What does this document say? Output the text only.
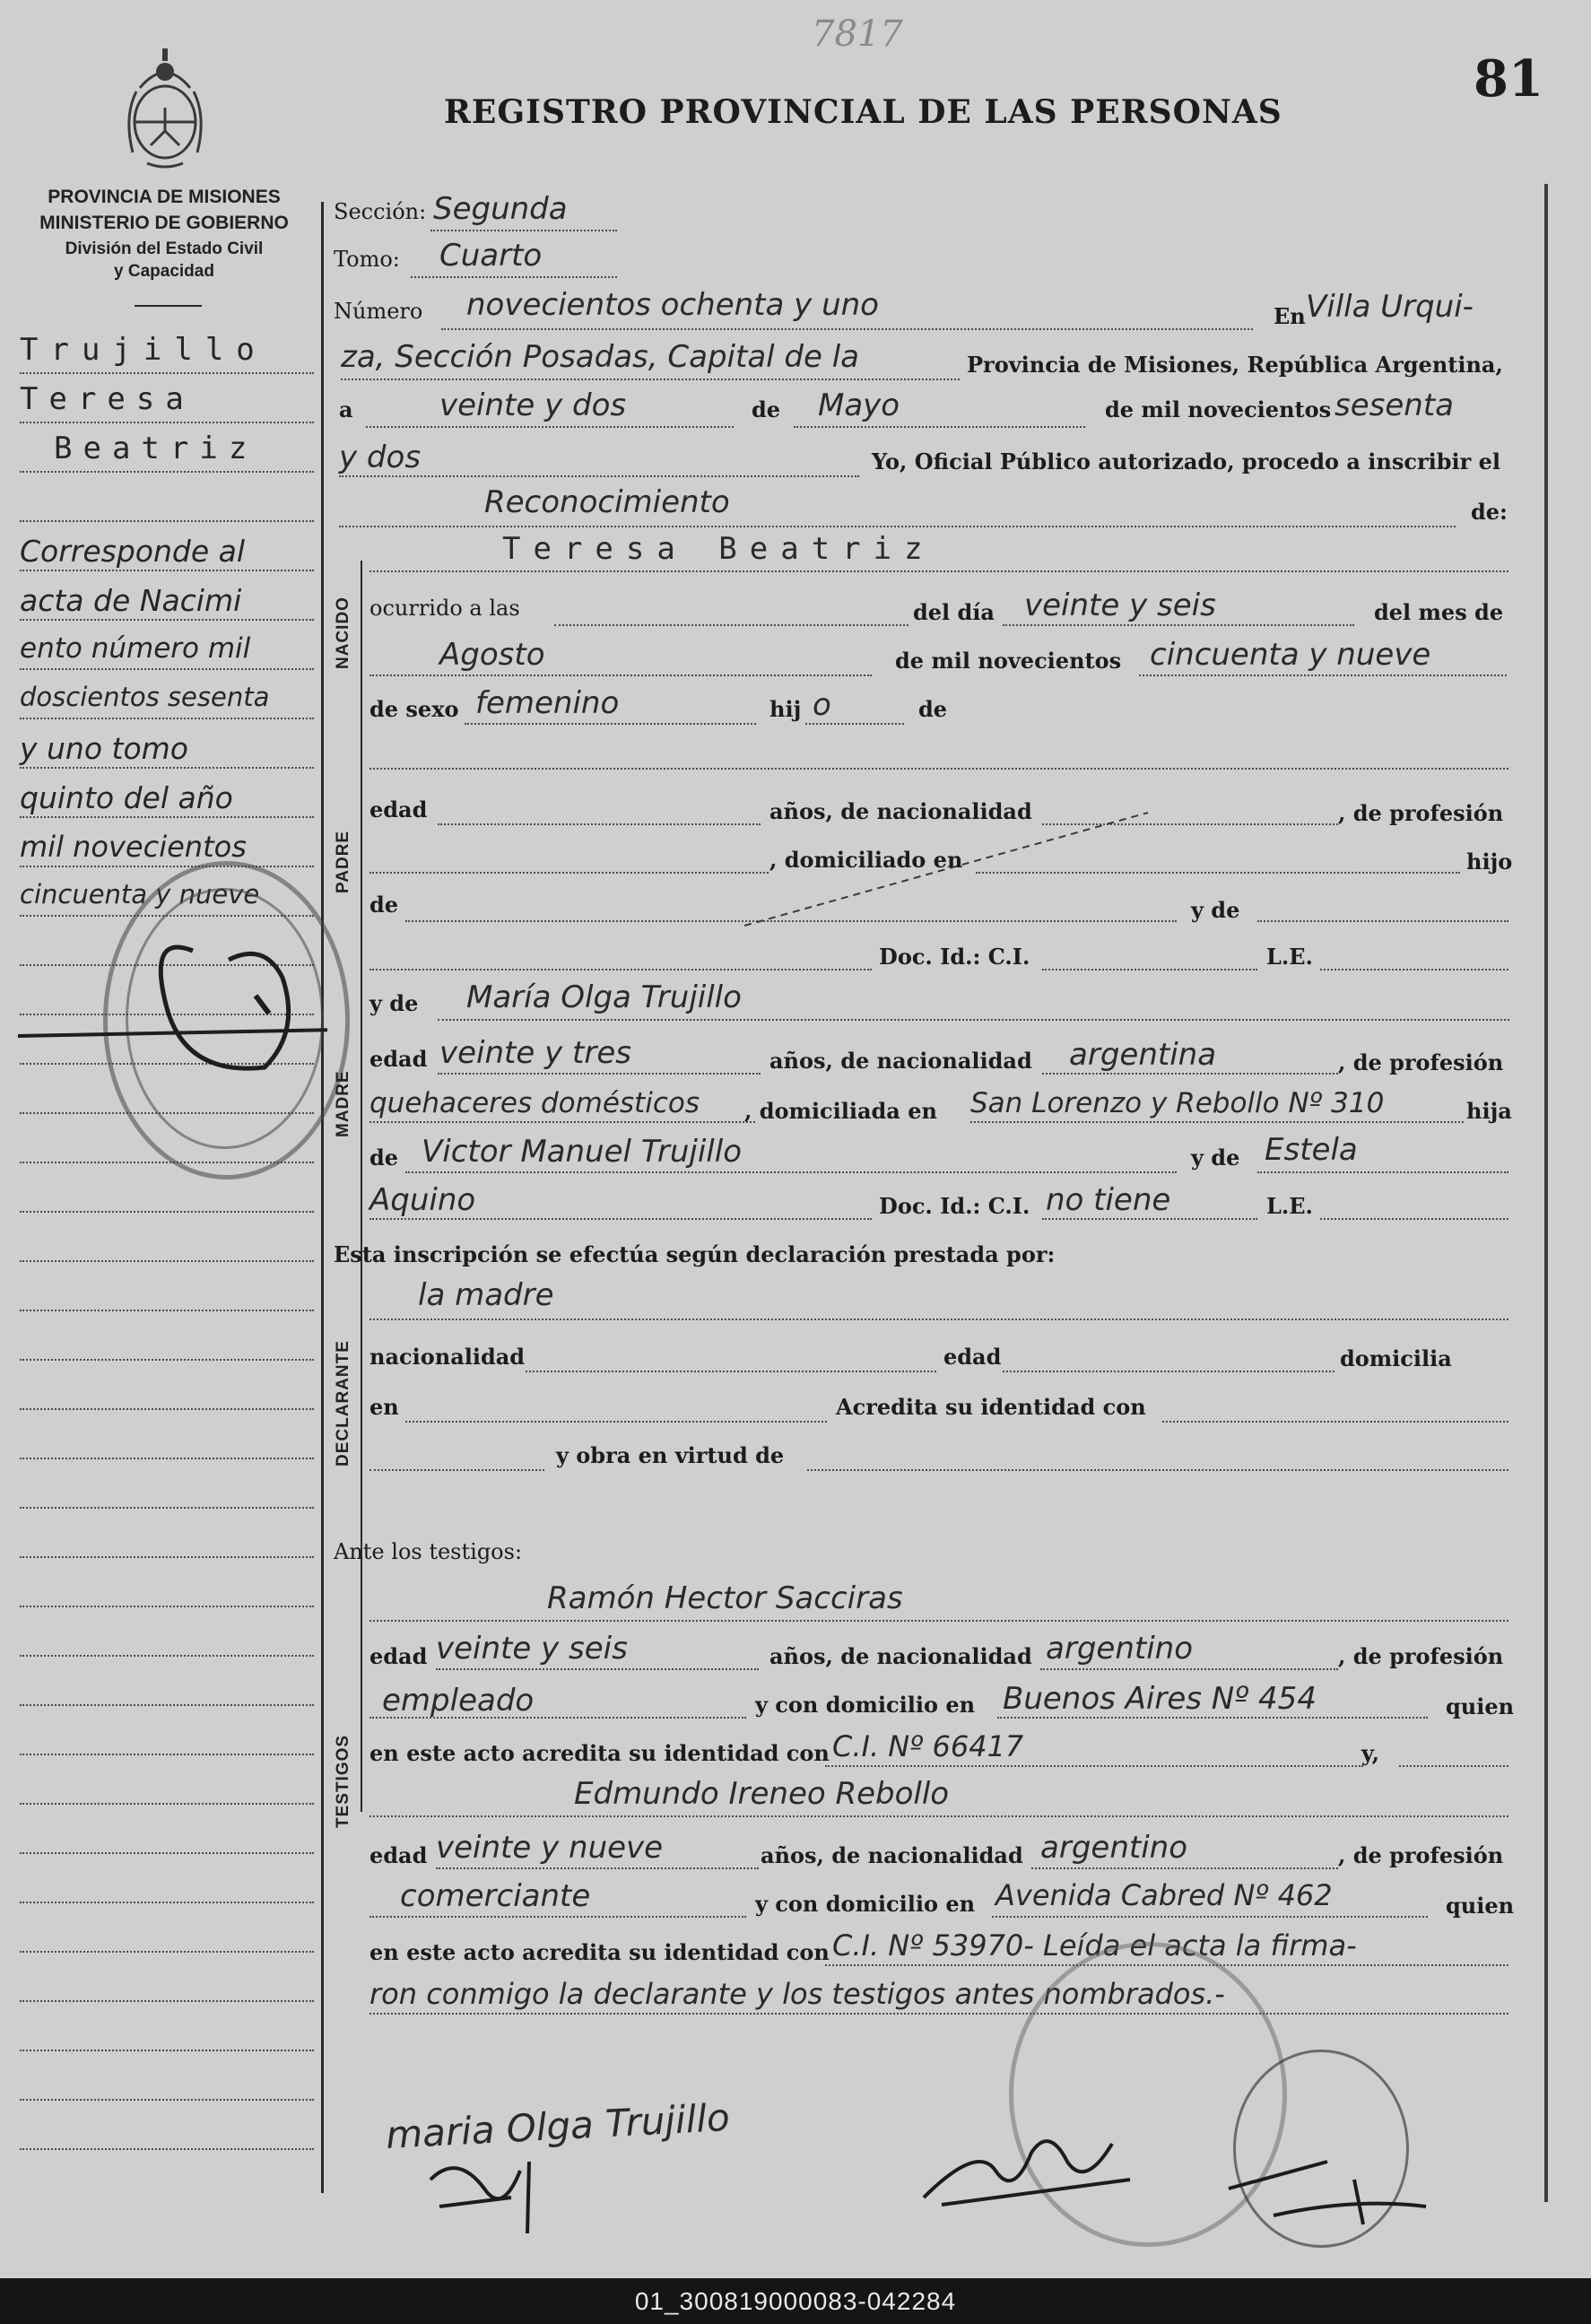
7817
REGISTRO PROVINCIAL DE LAS PERSONAS
81
PROVINCIA DE MISIONES
MINISTERIO DE GOBIERNO
División del Estado Civil
y Capacidad
Trujillo
Teresa
Beatriz
Corresponde al
acta de Nacimi
ento número mil
doscientos sesenta
y uno tomo
quinto del año
mil novecientos
cincuenta y nueve
NACIDO
PADRE
MADRE
DECLARANTE
TESTIGOS
Sección: Segunda
Tomo: Cuarto
Número novecientos ochenta y uno	En Villa Urqui-
za, Sección Posadas, Capital de la	Provincia de Misiones, República Argentina,
a	veinte y dos	de Mayo	de mil novecientos sesenta
y dos	Yo, Oficial Público autorizado, procedo a inscribir el
Reconocimiento	de:
Teresa Beatriz
ocurrido a las	del día veinte y seis	del mes de
Agosto	de mil novecientos cincuenta y nueve
de sexo femenino	hij o	de
edad	años, de nacionalidad	, de profesión
, domiciliado en	hijo
de	y de
Doc. Id.: C.I.	L.E.
y de María Olga Trujillo
edad veinte y tres	años, de nacionalidad argentina	, de profesión
quehaceres domésticos , domiciliada en San Lorenzo y Rebollo Nº 310	hija
de Victor Manuel Trujillo	y de Estela
Aquino	Doc. Id.: C.I. no tiene	L.E.
Esta inscripción se efectúa según declaración prestada por:
la madre
nacionalidad	edad	domicilia
en	Acredita su identidad con
y obra en virtud de
Ante los testigos:
Ramón Hector Sacciras
edad veinte y seis	años, de nacionalidad argentino	, de profesión
empleado	y con domicilio en Buenos Aires Nº 454	quien
en este acto acredita su identidad con C.I. Nº 66417	y,
Edmundo Ireneo Rebollo
edad veinte y nueve	años, de nacionalidad argentino	, de profesión
comerciante	y con domicilio en Avenida Cabred Nº 462	quien
en este acto acredita su identidad con C.I. Nº 53970- Leída el acta la firma-
ron conmigo la declarante y los testigos antes nombrados.-
maria Olga Trujillo
01_300819000083-042284
